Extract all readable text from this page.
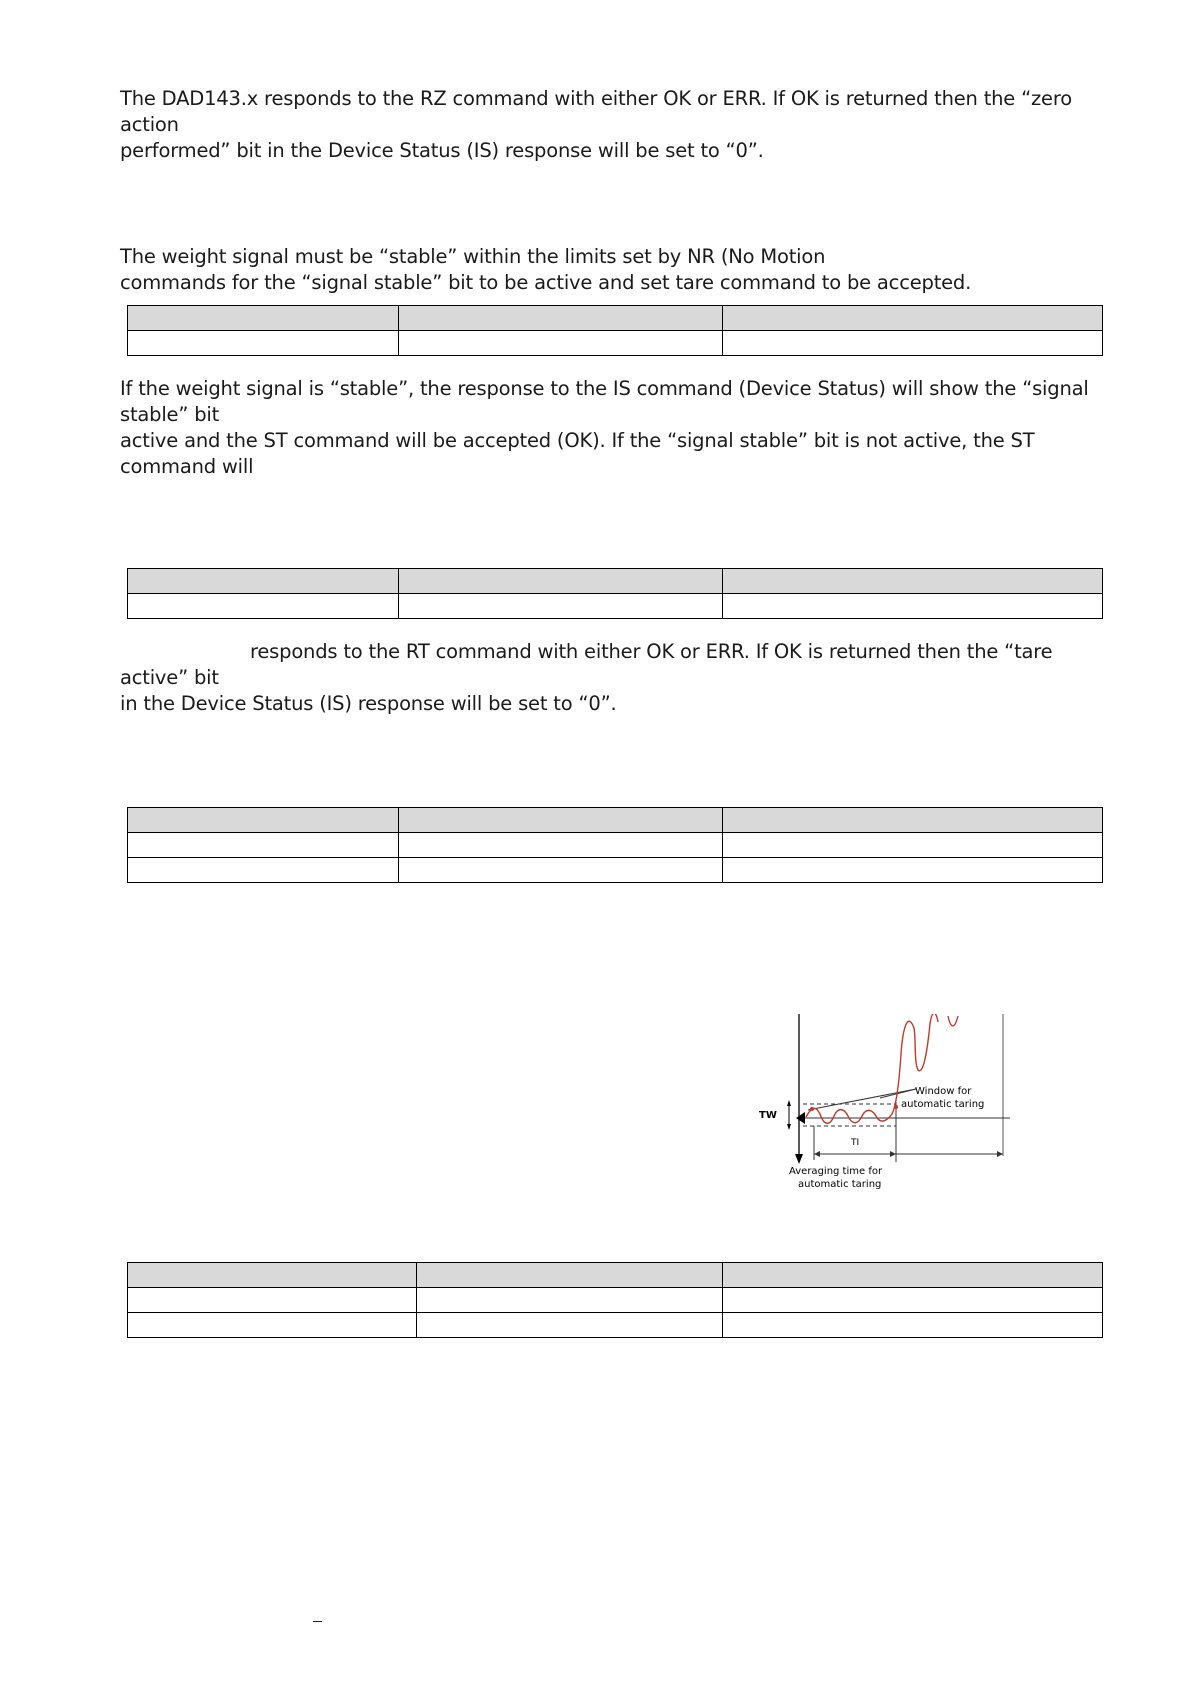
The DAD143.x responds to the RZ command with either OK or ERR. If OK is returned then the “zero action
performed” bit in the Device Status (IS) response will be set to “0”.

The weight signal must be “stable” within the limits set by NR (No Motion
commands for the “signal stable” bit to be active and set tare command to be accepted.

If the weight signal is “stable”, the response to the IS command (Device Status) will show the “signal stable” bit
active and the ST command will be accepted (OK). If the “signal stable” bit is not active, the ST command will

responds to the RT command with either OK or ERR. If OK is returned then the “tare active” bit
in the Device Status (IS) response will be set to “0”.

TW
TI
Window for
automatic taring
Averaging time for
automatic taring
